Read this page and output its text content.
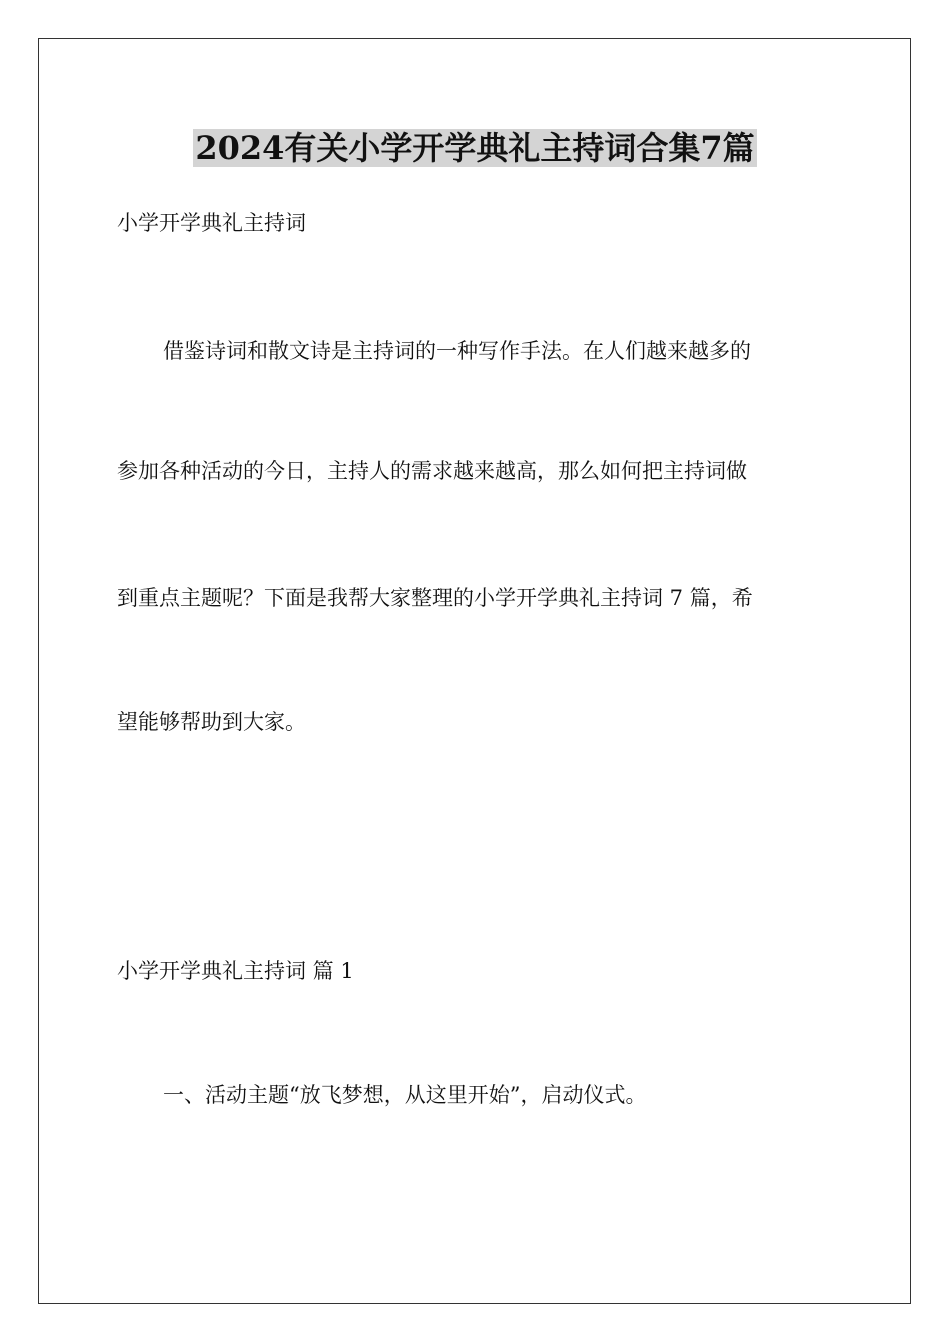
2024有关小学开学典礼主持词合集7篇

小学开学典礼主持词

借鉴诗词和散文诗是主持词的一种写作手法。在人们越来越多的

参加各种活动的今日，主持人的需求越来越高，那么如何把主持词做

到重点主题呢？下面是我帮大家整理的小学开学典礼主持词 7 篇，希

望能够帮助到大家。

小学开学典礼主持词 篇 1

一、活动主题“放飞梦想，从这里开始”，启动仪式。
